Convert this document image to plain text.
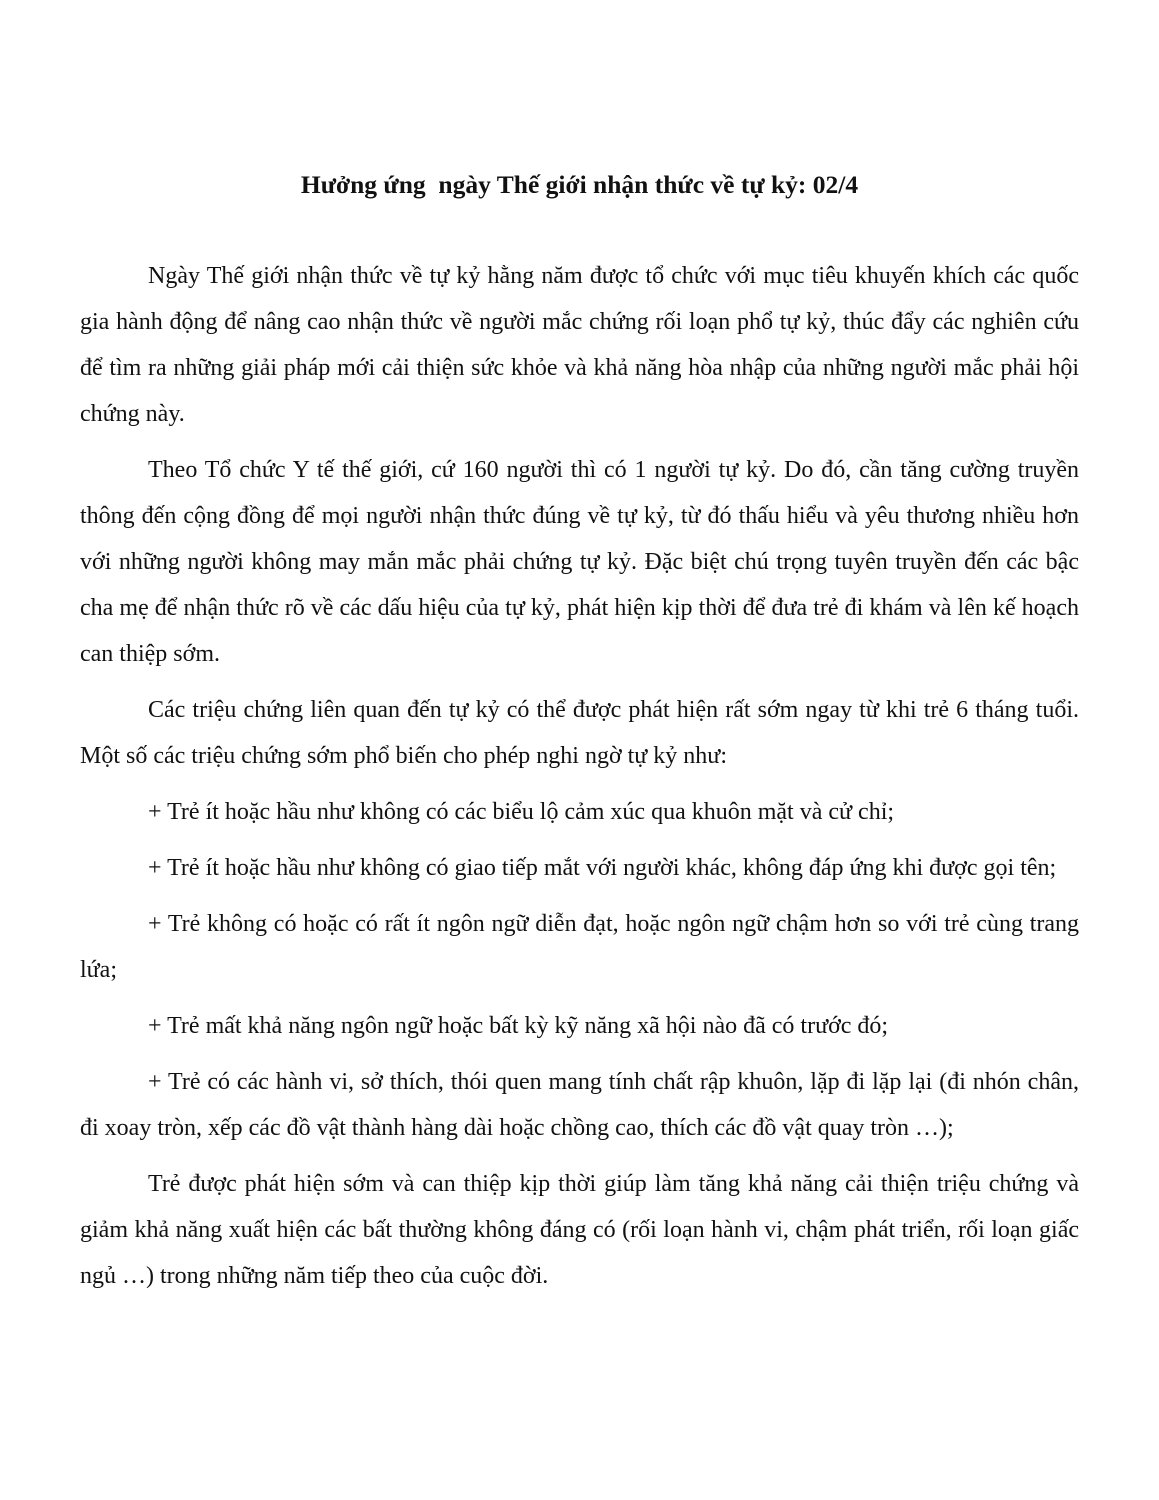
Hưởng ứng  ngày Thế giới nhận thức về tự kỷ: 02/4

Ngày Thế giới nhận thức về tự kỷ hằng năm được tổ chức với mục tiêu khuyến khích các quốc gia hành động để nâng cao nhận thức về người mắc chứng rối loạn phổ tự kỷ, thúc đẩy các nghiên cứu để tìm ra những giải pháp mới cải thiện sức khỏe và khả năng hòa nhập của những người mắc phải hội chứng này.

Theo Tổ chức Y tế thế giới, cứ 160 người thì có 1 người tự kỷ. Do đó, cần tăng cường truyền thông đến cộng đồng để mọi người nhận thức đúng về tự kỷ, từ đó thấu hiểu và yêu thương nhiều hơn với những người không may mắn mắc phải chứng tự kỷ. Đặc biệt chú trọng tuyên truyền đến các bậc cha mẹ để nhận thức rõ về các dấu hiệu của tự kỷ, phát hiện kịp thời để đưa trẻ đi khám và lên kế hoạch can thiệp sớm.

Các triệu chứng liên quan đến tự kỷ có thể được phát hiện rất sớm ngay từ khi trẻ 6 tháng tuổi. Một số các triệu chứng sớm phổ biến cho phép nghi ngờ tự kỷ như:

+ Trẻ ít hoặc hầu như không có các biểu lộ cảm xúc qua khuôn mặt và cử chỉ;

+ Trẻ ít hoặc hầu như không có giao tiếp mắt với người khác, không đáp ứng khi được gọi tên;

+ Trẻ không có hoặc có rất ít ngôn ngữ diễn đạt, hoặc ngôn ngữ chậm hơn so với trẻ cùng trang lứa;

+ Trẻ mất khả năng ngôn ngữ hoặc bất kỳ kỹ năng xã hội nào đã có trước đó;

+ Trẻ có các hành vi, sở thích, thói quen mang tính chất rập khuôn, lặp đi lặp lại (đi nhón chân, đi xoay tròn, xếp các đồ vật thành hàng dài hoặc chồng cao, thích các đồ vật quay tròn …);

Trẻ được phát hiện sớm và can thiệp kịp thời giúp làm tăng khả năng cải thiện triệu chứng và giảm khả năng xuất hiện các bất thường không đáng có (rối loạn hành vi, chậm phát triển, rối loạn giấc ngủ …) trong những năm tiếp theo của cuộc đời.
